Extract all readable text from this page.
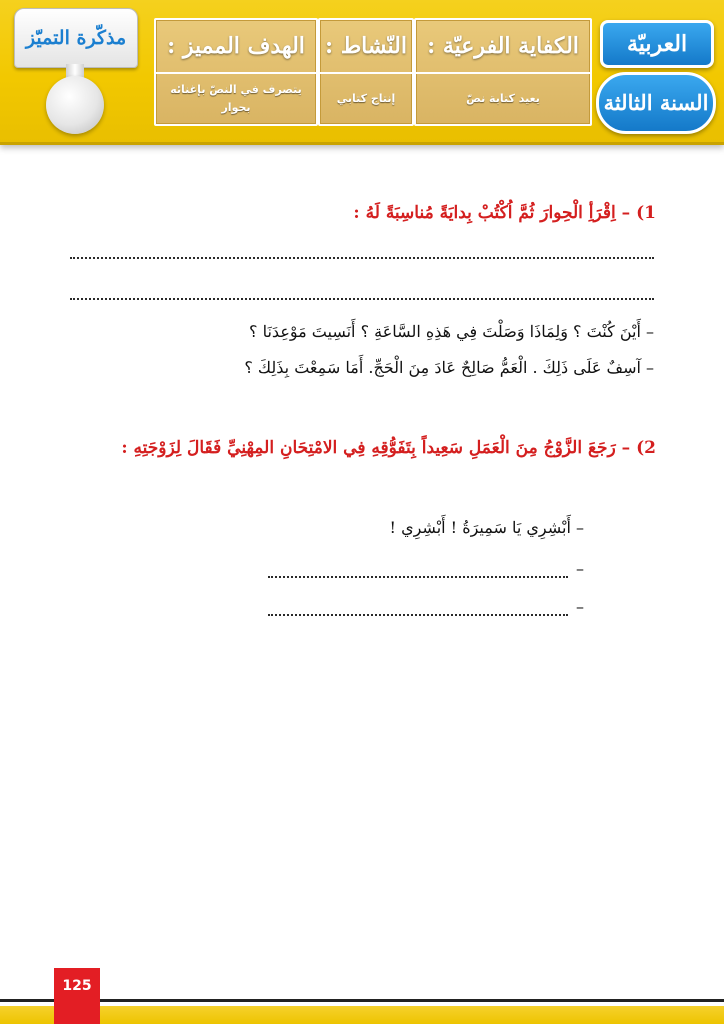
العربيّة
السنة الثالثة
الكفاية الفرعيّة :
يعيد كتابة نصّ
النّشاط :
إنتاج كتابي
الهدف المميز :
يتصرف في النصّ بإغنائه بحوار
مذكّرة التميّز
1) – اِقْرَأِ الْحِوارَ ثُمَّ اُكْتُبْ بِدايَةً مُناسِبَةً لَهُ :
– أَيْنَ كُنْتَ ؟ وَلِمَاذَا وَصَلْتَ فِي هَذِهِ السَّاعَةِ ؟ أَنَسِيتَ مَوْعِدَنَا ؟
– آسِفٌ عَلَى ذَلِكَ . الْعَمُّ صَالِحٌ عَادَ مِنَ الْحَجِّ. أَمَا سَمِعْتَ بِذَلِكَ ؟
2) – رَجَعَ الزَّوْجُ مِنَ الْعَمَلِ سَعِيداً بِتَفَوُّقِهِ فِي الامْتِحَانِ المِهْنِيِّ فَقَالَ لِزَوْجَتِهِ :
– أَبْشِرِي يَا سَمِيرَةُ ! أَبْشِرِي !
–
–
125
